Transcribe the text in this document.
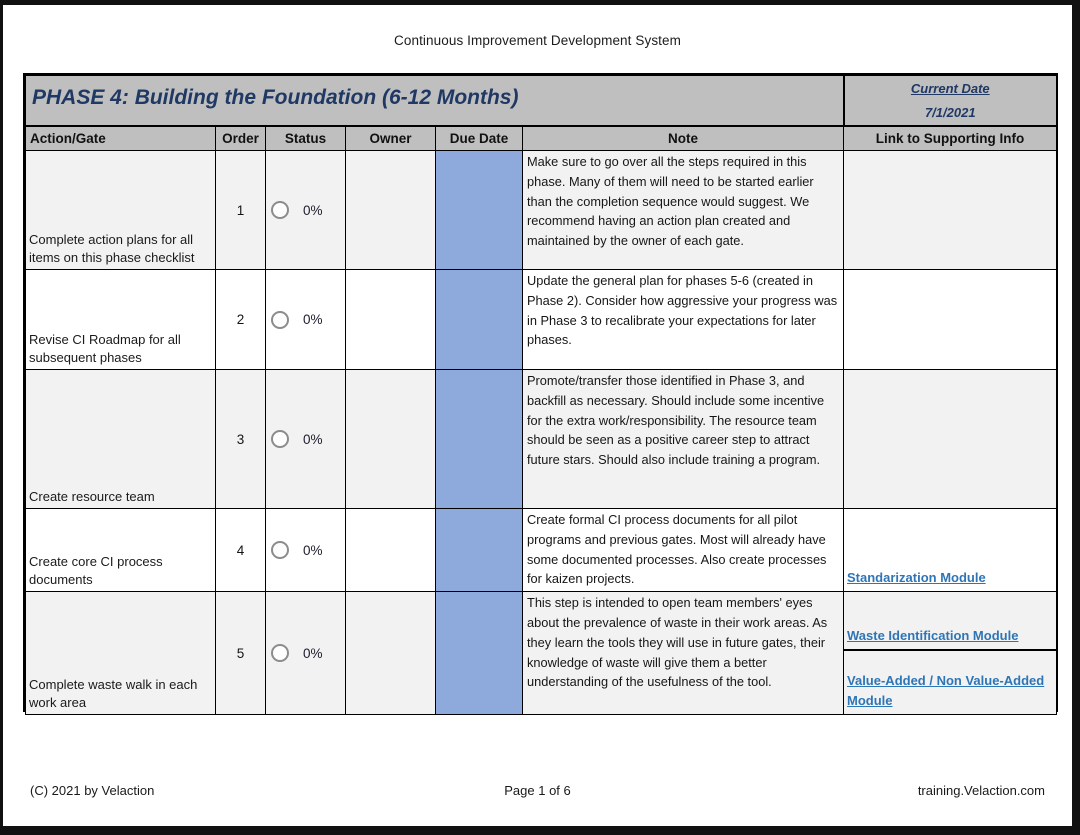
Continuous Improvement Development System
PHASE 4: Building the Foundation (6-12 Months)						Current Date
7/1/2021

Action/Gate	Order	Status	Owner	Due Date	Note	Link to Supporting Info
Complete action plans for all items on this phase checklist	1	0%			Make sure to go over all the steps required in this phase. Many of them will need to be started earlier than the completion sequence would suggest. We recommend having an action plan created and maintained by the owner of each gate.	
Revise CI Roadmap for all subsequent phases	2	0%			Update the general plan for phases 5-6 (created in Phase 2). Consider how aggressive your progress was in Phase 3 to recalibrate your expectations for later phases.	
Create resource team	3	0%			Promote/transfer those identified in Phase 3, and backfill as necessary. Should include some incentive for the extra work/responsibility. The resource team should be seen as a positive career step to attract future stars. Should also include training a program.	
Create core CI process documents	4	0%			Create formal CI process documents for all pilot programs and previous gates. Most will already have some documented processes. Also create processes for kaizen projects.	Standarization Module
Complete waste walk in each work area	5	0%			This step is intended to open team members' eyes about the prevalence of waste in their work areas. As they learn the tools they will use in future gates, their knowledge of waste will give them a better understanding of the usefulness of the tool.	Waste Identification Module
Value-Added / Non Value-Added Module
(C) 2021 by Velaction	Page 1 of 6	training.Velaction.com
